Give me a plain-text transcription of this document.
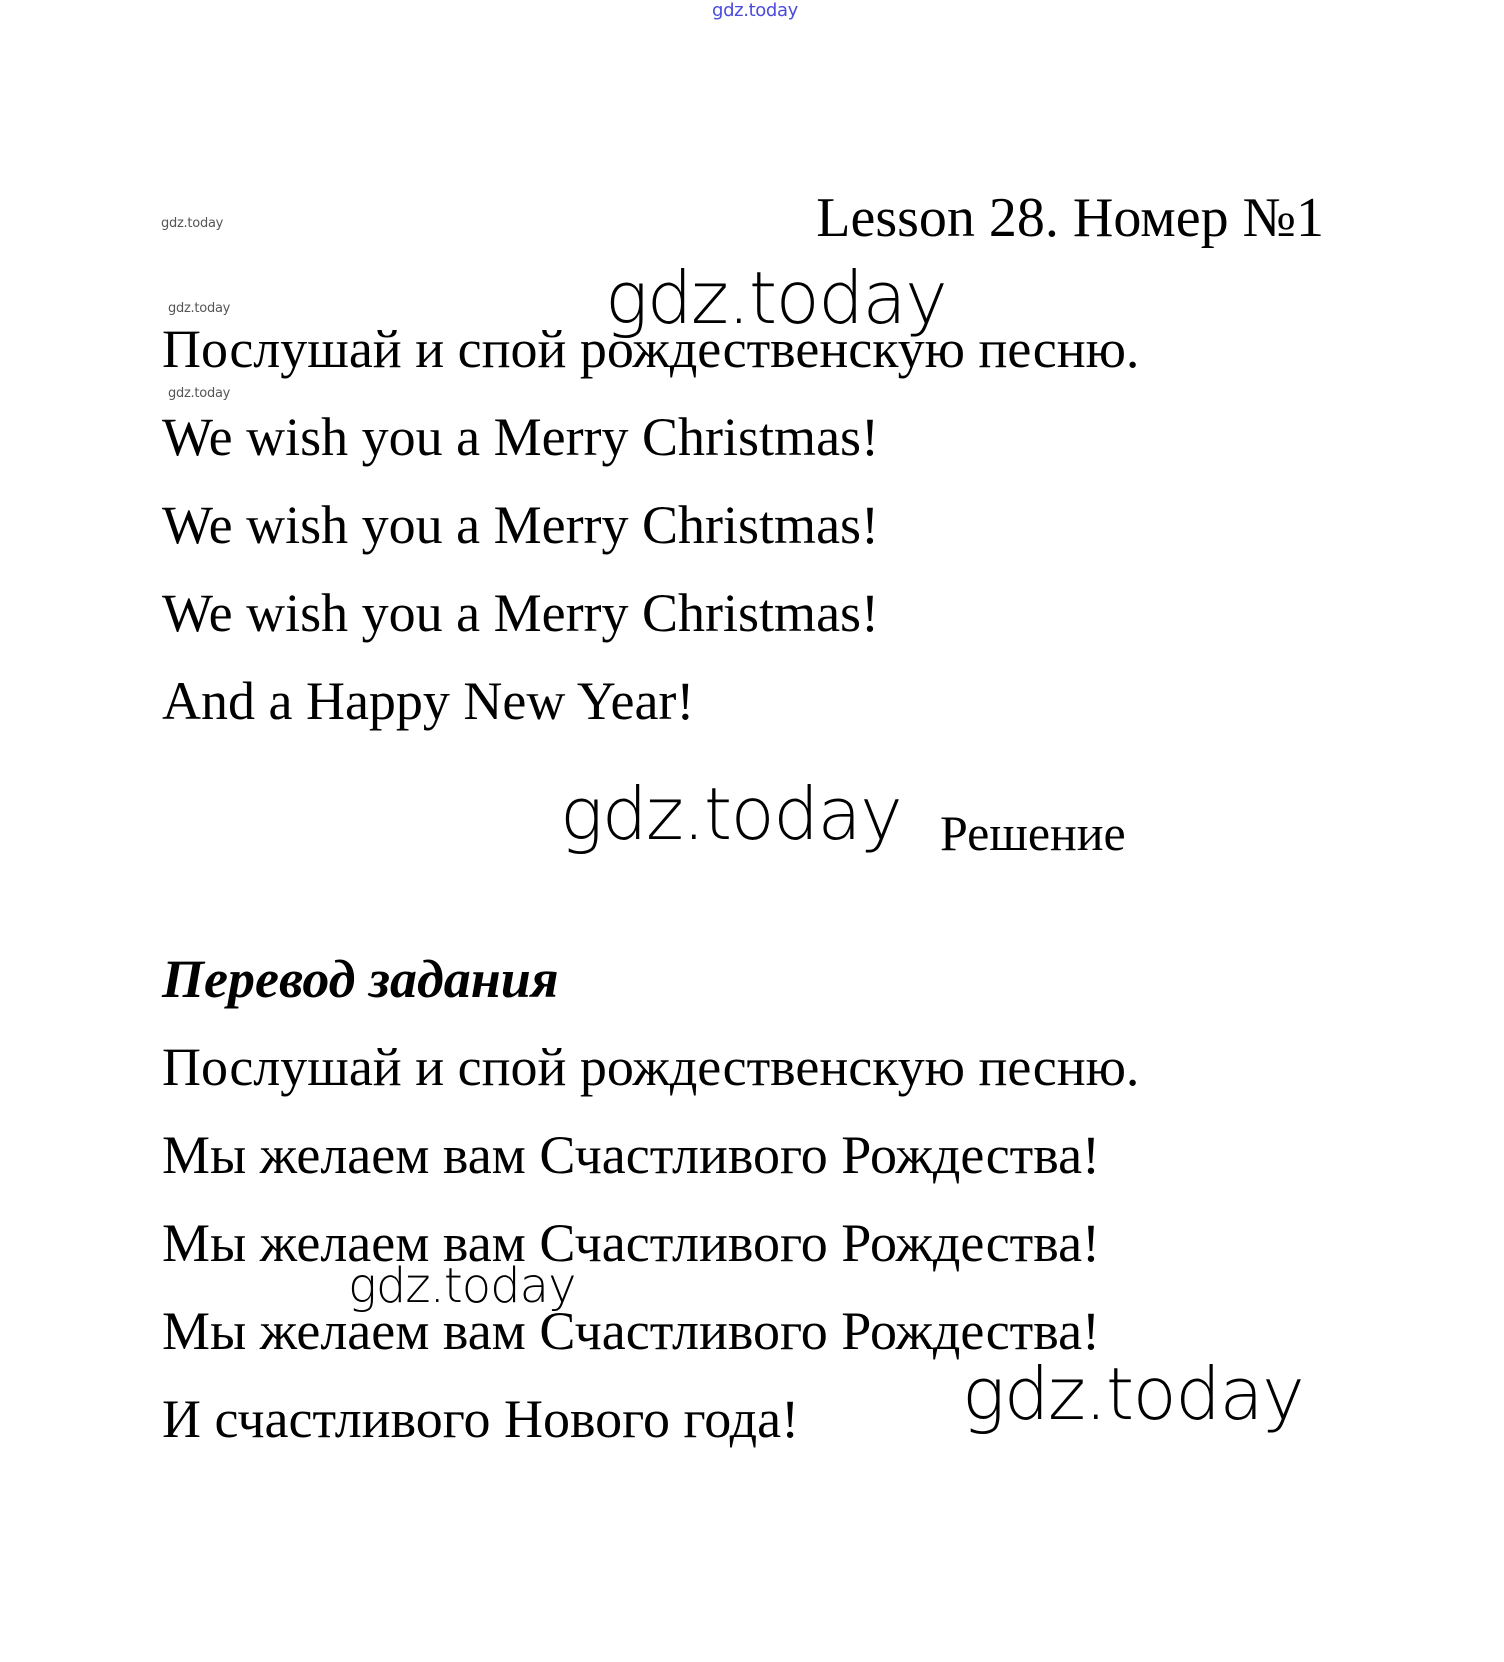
gdz.today
gdz.today	Lesson 28. Номер №1
gdz.today	gdz.today
Послушай и спой рождественскую песню.
gdz.today
We wish you a Merry Christmas!
We wish you a Merry Christmas!
We wish you a Merry Christmas!
And a Happy New Year!
gdz.today Решение
Перевод задания
Послушай и спой рождественскую песню.
Мы желаем вам Счастливого Рождества!
Мы желаем вам Счастливого Рождества!
gdz.today
Мы желаем вам Счастливого Рождества!
gdz.today
И счастливого Нового года!
